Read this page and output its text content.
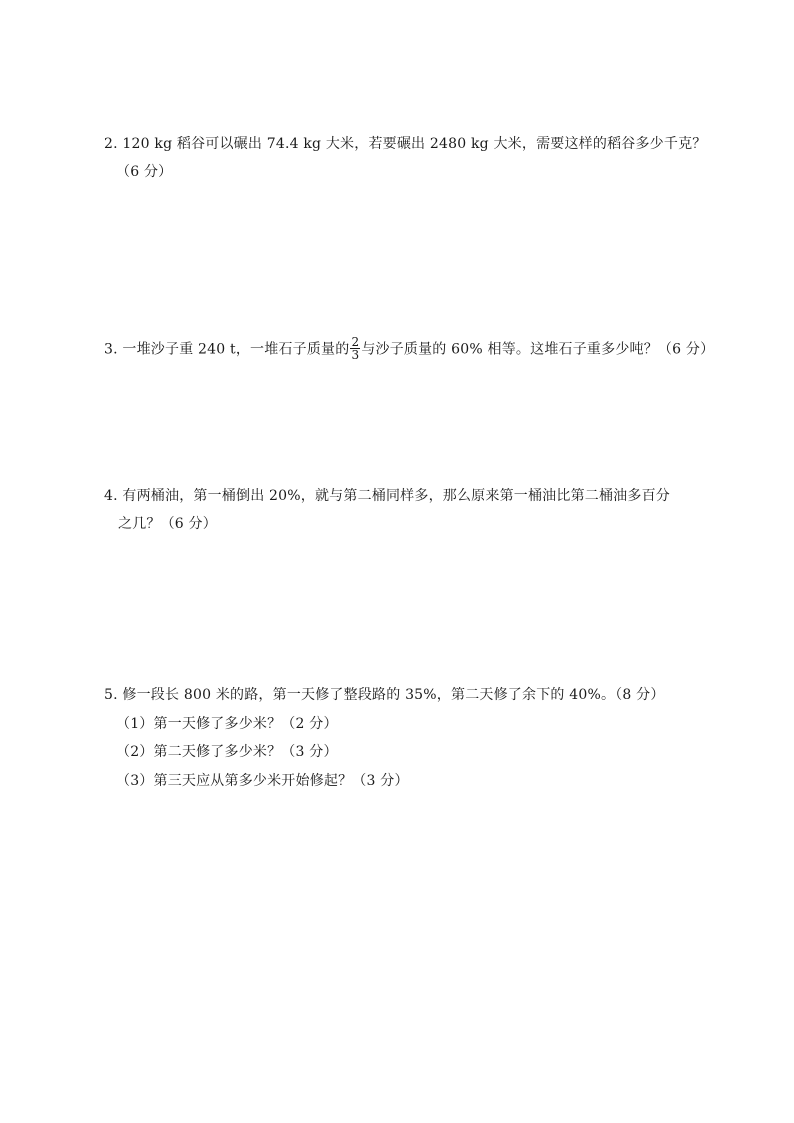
2. 120 kg 稻谷可以碾出 74.4 kg 大米，若要碾出 2480 kg 大米，需要这样的稻谷多少千克？
（6 分）
3. 一堆沙子重 240 t，一堆石子质量的 $\frac{2}{3}$ 与沙子质量的 60% 相等。这堆石子重多少吨？（6 分）
4. 有两桶油，第一桶倒出 20%，就与第二桶同样多，那么原来第一桶油比第二桶油多百分
之几？（6 分）
5. 修一段长 800 米的路，第一天修了整段路的 35%，第二天修了余下的 40%。（8 分）
（1）第一天修了多少米？（2 分）
（2）第二天修了多少米？（3 分）
（3）第三天应从第多少米开始修起？（3 分）
